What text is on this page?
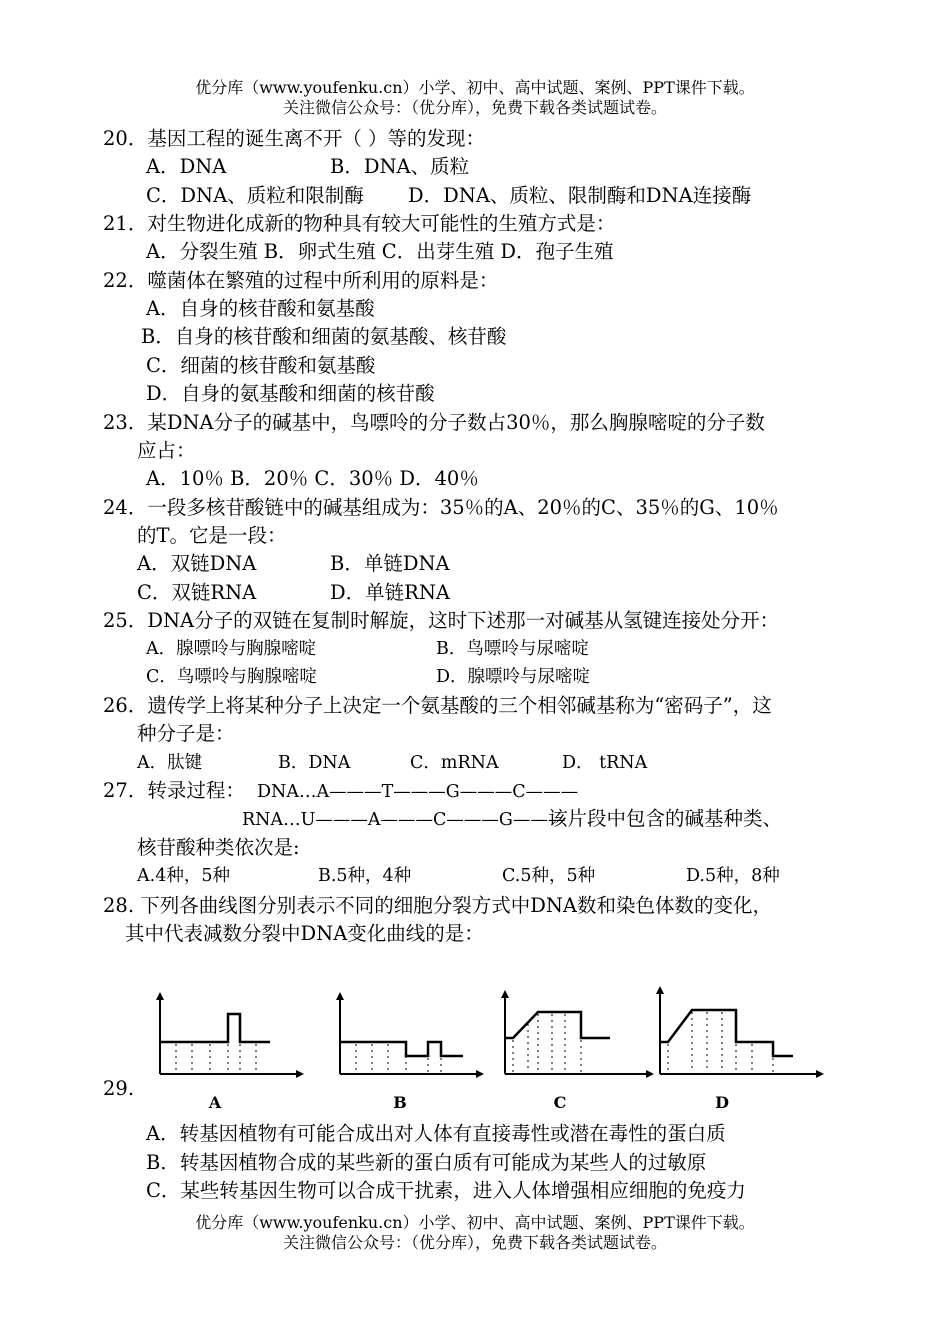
优分库（www.youfenku.cn）小学、初中、高中试题、案例、PPT课件下载。
关注微信公众号：（优分库），免费下载各类试题试卷。
20．基因工程的诞生离不开（ ）等的发现：
A．DNA	B．DNA、质粒
C．DNA、质粒和限制酶 D．DNA、质粒、限制酶和DNA连接酶
21．对生物进化成新的物种具有较大可能性的生殖方式是：
A．分裂生殖 B．卵式生殖 C．出芽生殖 D．孢子生殖
22．噬菌体在繁殖的过程中所利用的原料是：
A．自身的核苷酸和氨基酸
B．自身的核苷酸和细菌的氨基酸、核苷酸
C．细菌的核苷酸和氨基酸
D．自身的氨基酸和细菌的核苷酸
23．某DNA分子的碱基中，鸟嘌呤的分子数占30％，那么胸腺嘧啶的分子数
应占：
A．10％ B．20％ C．30％ D．40％
24．一段多核苷酸链中的碱基组成为：35％的A、20％的C、35％的G、10％
的T。它是一段：
A．双链DNA	B．单链DNA
C．双链RNA	D．单链RNA
25．DNA分子的双链在复制时解旋，这时下述那一对碱基从氢键连接处分开：
A．腺嘌呤与胸腺嘧啶	B．鸟嘌呤与尿嘧啶
C．鸟嘌呤与胸腺嘧啶	D．腺嘌呤与尿嘧啶
26．遗传学上将某种分子上决定一个氨基酸的三个相邻碱基称为“密码子”，这
种分子是：
A．肽键	B．DNA	C．mRNA	D． tRNA
27．转录过程： DNA…A———T———G———C———
RNA…U———A———C———G———
该片段中包含的碱基种类、
核苷酸种类依次是:
A.4种，5种	B.5种，4种	C.5种，5种	D.5种，8种
28. 下列各曲线图分别表示不同的细胞分裂方式中DNA数和染色体数的变化，
其中代表减数分裂中DNA变化曲线的是：
A	B	C	D
29.
A．转基因植物有可能合成出对人体有直接毒性或潜在毒性的蛋白质
B．转基因植物合成的某些新的蛋白质有可能成为某些人的过敏原
C．某些转基因生物可以合成干扰素，进入人体增强相应细胞的免疫力
优分库（www.youfenku.cn）小学、初中、高中试题、案例、PPT课件下载。
关注微信公众号：（优分库），免费下载各类试题试卷。
